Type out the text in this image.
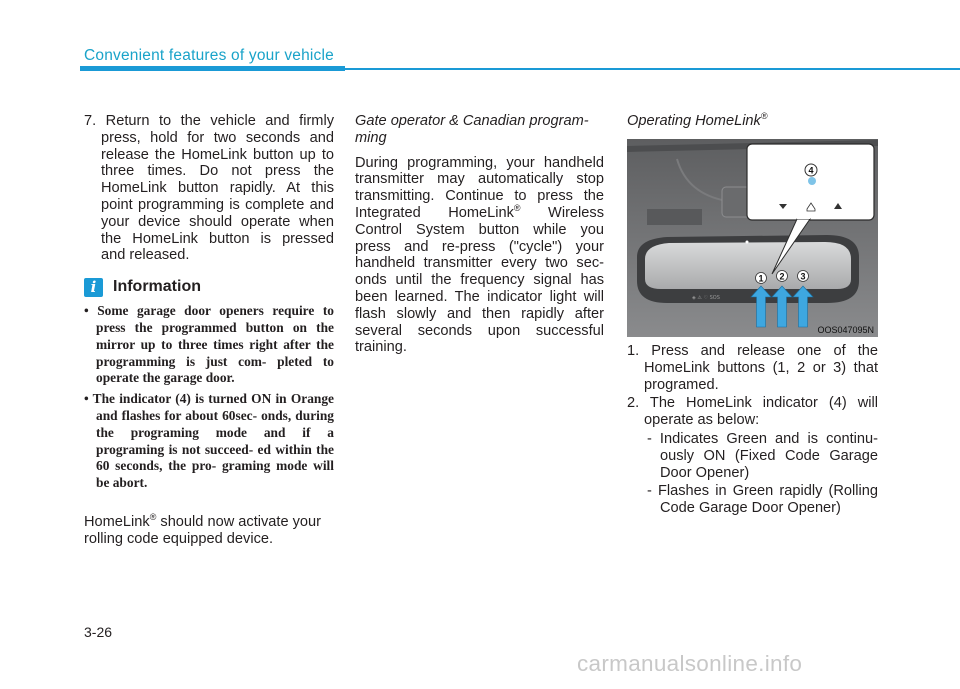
Convenient features of your vehicle

7. Return to the vehicle and firmly press, hold for two seconds and release the HomeLink button up to three times. Do not press the HomeLink button rapidly. At this point programming is complete and your device should operate when the HomeLink button is pressed and released.

i	Information

• Some garage door openers require to press the programmed button on the mirror up to three times right after the programming is just com- pleted to operate the garage door.

• The indicator (4) is turned ON in Orange and flashes for about 60sec- onds, during the programing mode and if a programing is not succeed- ed within the 60 seconds, the pro- graming mode will be abort.

HomeLink® should now activate your rolling code equipped device.

Gate operator & Canadian program- ming

During programming, your handheld transmitter may automatically stop transmitting. Continue to press the Integrated HomeLink® Wireless Control System button while you press and re-press ("cycle") your handheld transmitter every two sec- onds until the frequency signal has been learned. The indicator light will flash slowly and then rapidly after several seconds upon successful training.

Operating HomeLink®

◈ ⚠ ♡ SOS
4
1 2 3
OOS047095N

1. Press and release one of the HomeLink buttons (1, 2 or 3) that programed.

2. The HomeLink indicator (4) will operate as below:

- Indicates Green and is continu- ously ON (Fixed Code Garage Door Opener)

- Flashes in Green rapidly (Rolling Code Garage Door Opener)

3-26
carmanualsonline.info
